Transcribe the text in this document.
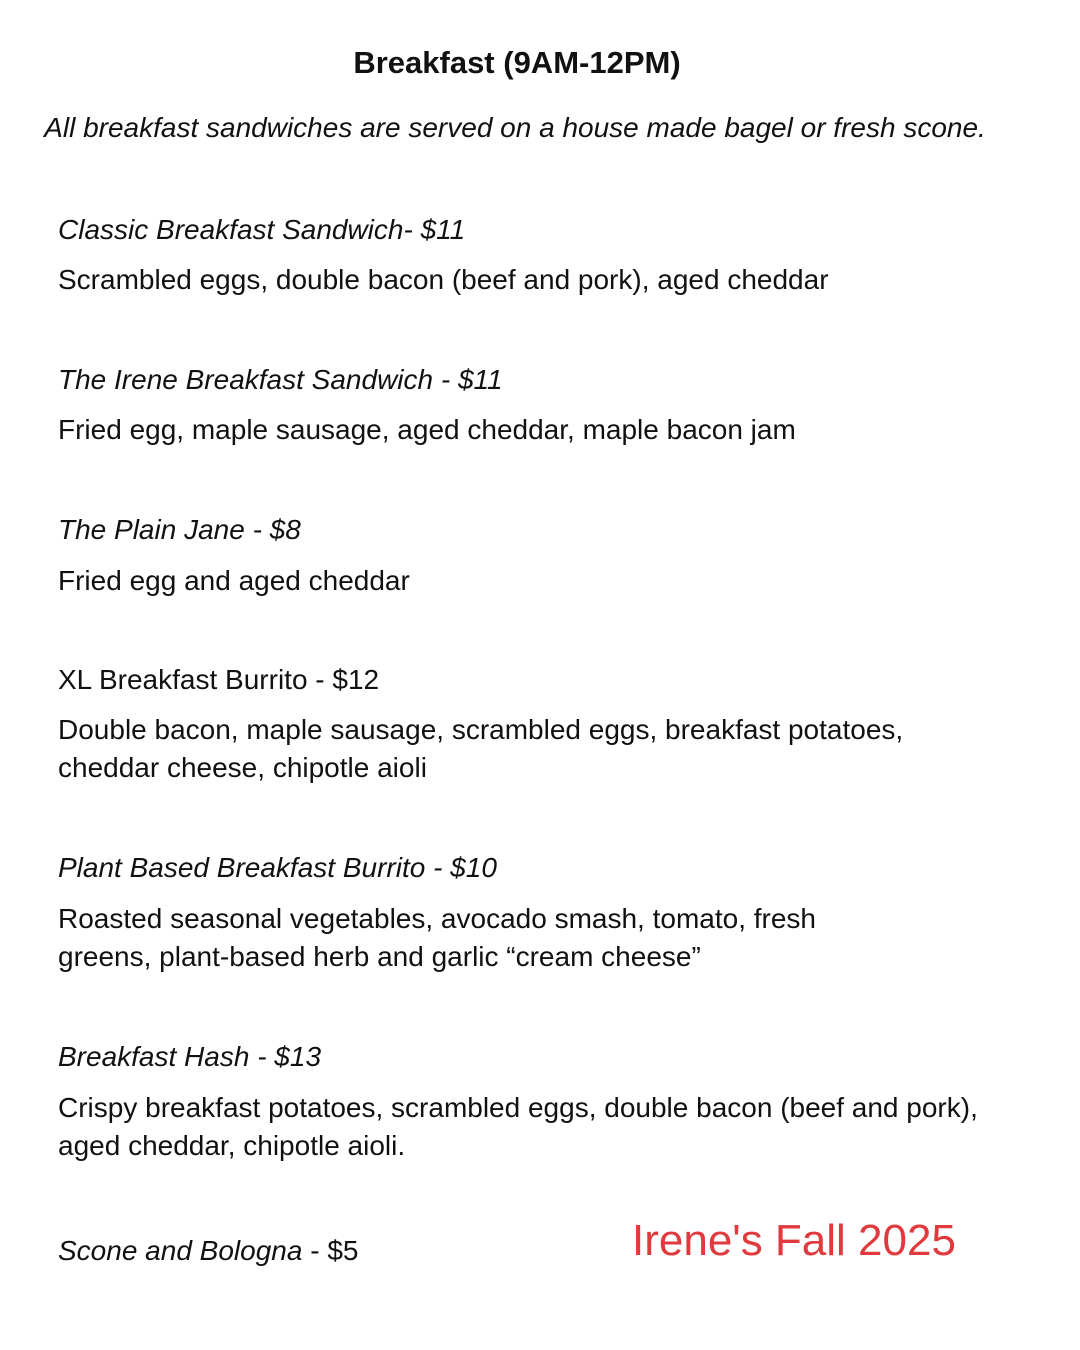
Breakfast (9AM-12PM)
All breakfast sandwiches are served on a house made bagel or fresh scone.
Classic Breakfast Sandwich- $11
Scrambled eggs, double bacon (beef and pork), aged cheddar
The Irene Breakfast Sandwich - $11
Fried egg, maple sausage, aged cheddar, maple bacon jam
The Plain Jane - $8
Fried egg and aged cheddar
XL Breakfast Burrito - $12
Double bacon, maple sausage, scrambled eggs, breakfast potatoes, cheddar cheese, chipotle aioli
Plant Based Breakfast Burrito - $10
Roasted seasonal vegetables, avocado smash, tomato, fresh greens, plant-based herb and garlic “cream cheese”
Breakfast Hash - $13
Crispy breakfast potatoes, scrambled eggs, double bacon (beef and pork), aged cheddar, chipotle aioli.
Scone and Bologna - $5	Irene's Fall 2025
